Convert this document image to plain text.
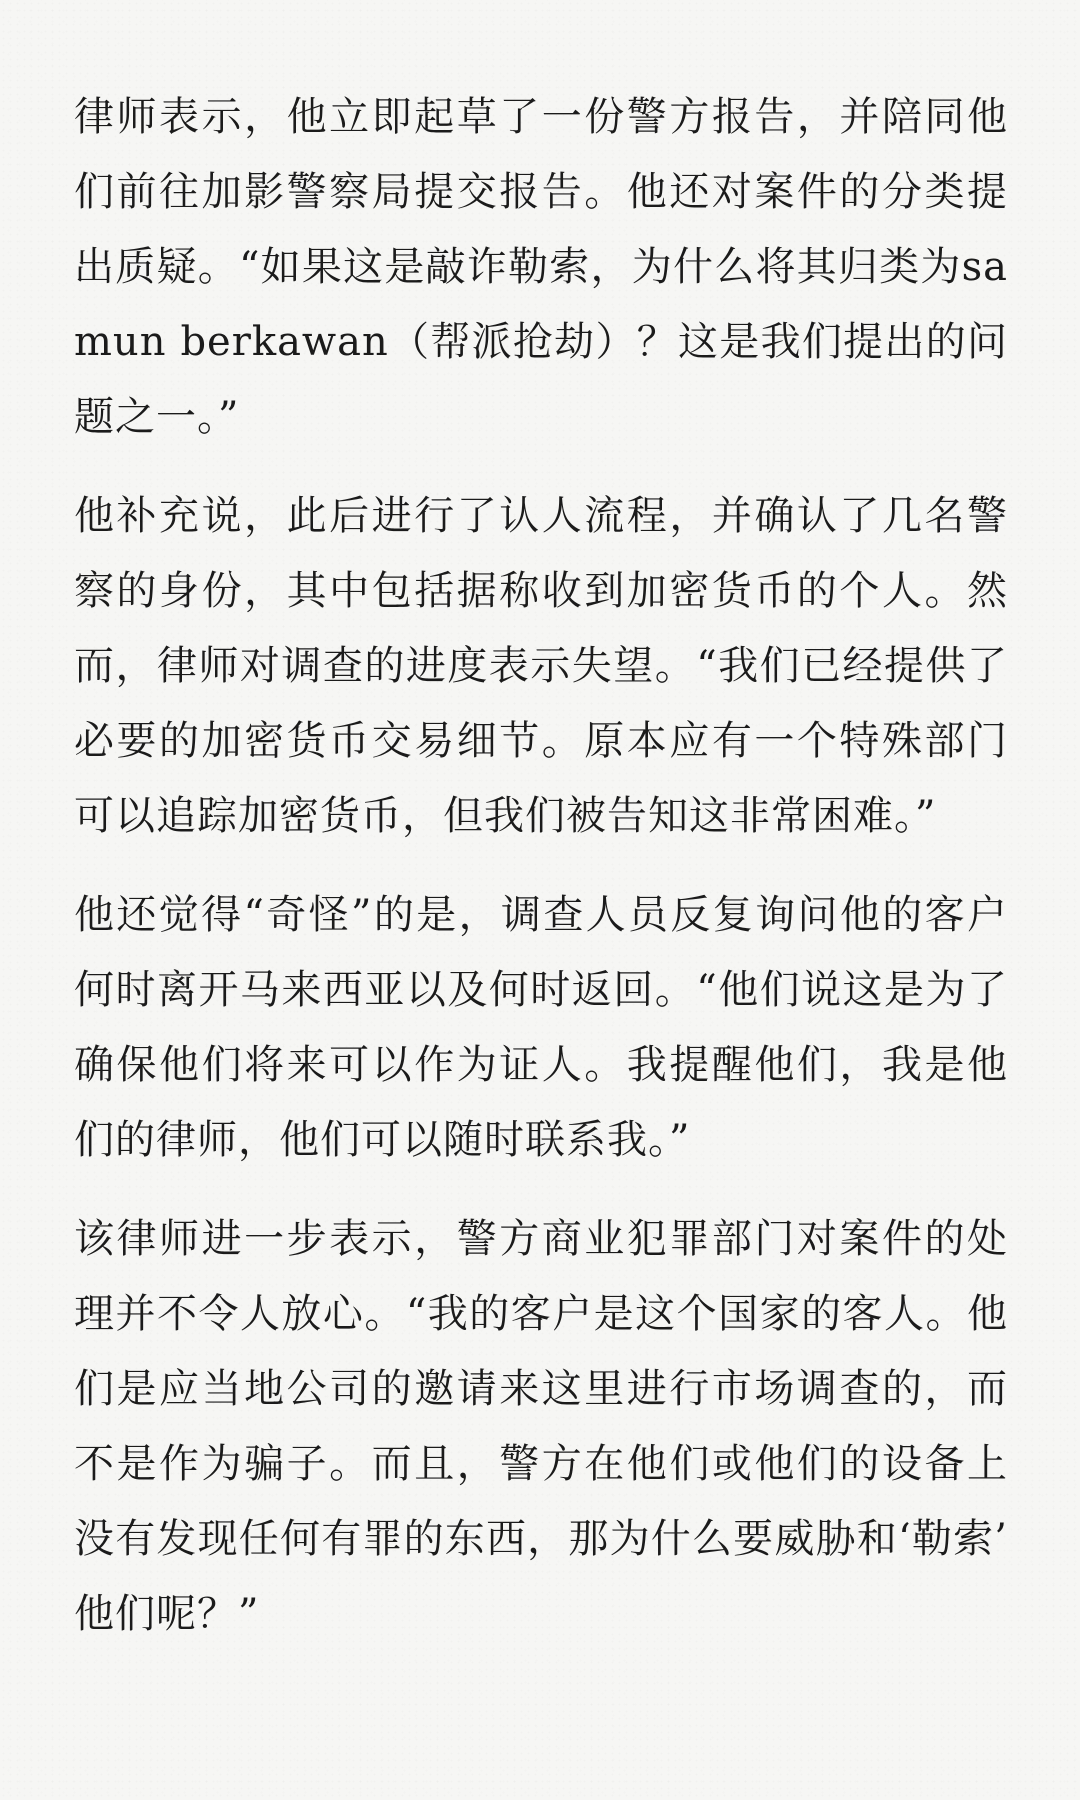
律师表示，他立即起草了一份警方报告，并陪同他们前往加影警察局提交报告。他还对案件的分类提出质疑。“如果这是敲诈勒索，为什么将其归类为samun berkawan（帮派抢劫）？这是我们提出的问题之一。”

他补充说，此后进行了认人流程，并确认了几名警察的身份，其中包括据称收到加密货币的个人。然而，律师对调查的进度表示失望。“我们已经提供了必要的加密货币交易细节。原本应有一个特殊部门可以追踪加密货币，但我们被告知这非常困难。”

他还觉得“奇怪”的是，调查人员反复询问他的客户何时离开马来西亚以及何时返回。“他们说这是为了确保他们将来可以作为证人。我提醒他们，我是他们的律师，他们可以随时联系我。”

该律师进一步表示，警方商业犯罪部门对案件的处理并不令人放心。“我的客户是这个国家的客人。他们是应当地公司的邀请来这里进行市场调查的，而不是作为骗子。而且，警方在他们或他们的设备上没有发现任何有罪的东西，那为什么要威胁和‘勒索’他们呢？”
